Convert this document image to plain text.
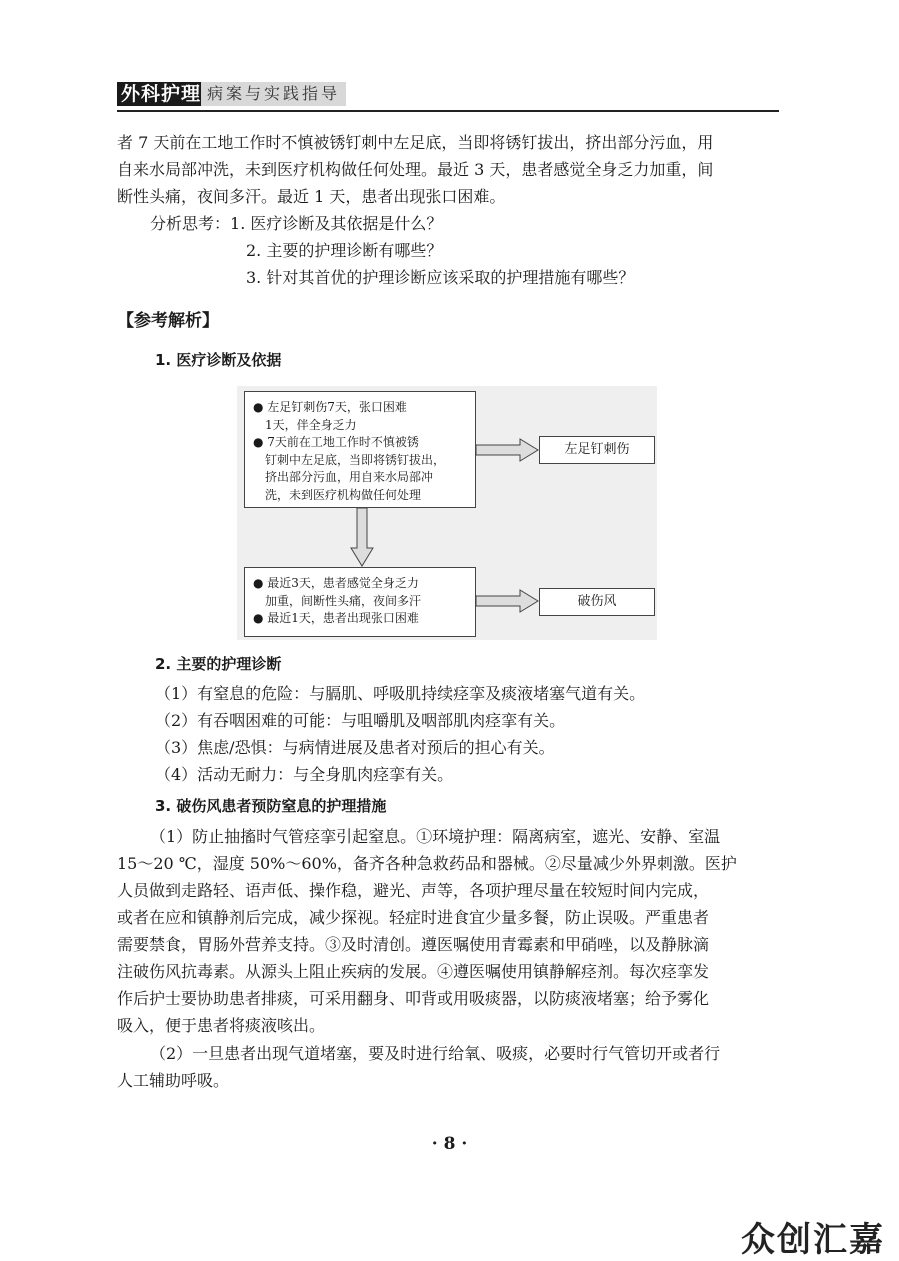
外科护理 病案与实践指导
者 7 天前在工地工作时不慎被锈钉刺中左足底，当即将锈钉拔出，挤出部分污血，用
自来水局部冲洗，未到医疗机构做任何处理。最近 3 天，患者感觉全身乏力加重，间
断性头痛，夜间多汗。最近 1 天，患者出现张口困难。
分析思考：1. 医疗诊断及其依据是什么？
2. 主要的护理诊断有哪些？
3. 针对其首优的护理诊断应该采取的护理措施有哪些？
【参考解析】
1. 医疗诊断及依据
● 左足钉刺伤7天，张口困难
1天，伴全身乏力
● 7天前在工地工作时不慎被锈
钉刺中左足底，当即将锈钉拔出，
挤出部分污血，用自来水局部冲
洗，未到医疗机构做任何处理
左足钉刺伤
● 最近3天，患者感觉全身乏力
加重，间断性头痛，夜间多汗
● 最近1天，患者出现张口困难
破伤风
2. 主要的护理诊断
（1）有窒息的危险：与膈肌、呼吸肌持续痉挛及痰液堵塞气道有关。
（2）有吞咽困难的可能：与咀嚼肌及咽部肌肉痉挛有关。
（3）焦虑/恐惧：与病情进展及患者对预后的担心有关。
（4）活动无耐力：与全身肌肉痉挛有关。
3. 破伤风患者预防窒息的护理措施
（1）防止抽搐时气管痉挛引起窒息。①环境护理：隔离病室，遮光、安静、室温
15～20 ℃，湿度 50%～60%，备齐各种急救药品和器械。②尽量减少外界刺激。医护
人员做到走路轻、语声低、操作稳，避光、声等，各项护理尽量在较短时间内完成，
或者在应和镇静剂后完成，减少探视。轻症时进食宜少量多餐，防止误吸。严重患者
需要禁食，胃肠外营养支持。③及时清创。遵医嘱使用青霉素和甲硝唑，以及静脉滴
注破伤风抗毒素。从源头上阻止疾病的发展。④遵医嘱使用镇静解痉剂。每次痉挛发
作后护士要协助患者排痰，可采用翻身、叩背或用吸痰器，以防痰液堵塞；给予雾化
吸入，便于患者将痰液咳出。
（2）一旦患者出现气道堵塞，要及时进行给氧、吸痰，必要时行气管切开或者行
人工辅助呼吸。
· 8 ·
众创汇嘉
